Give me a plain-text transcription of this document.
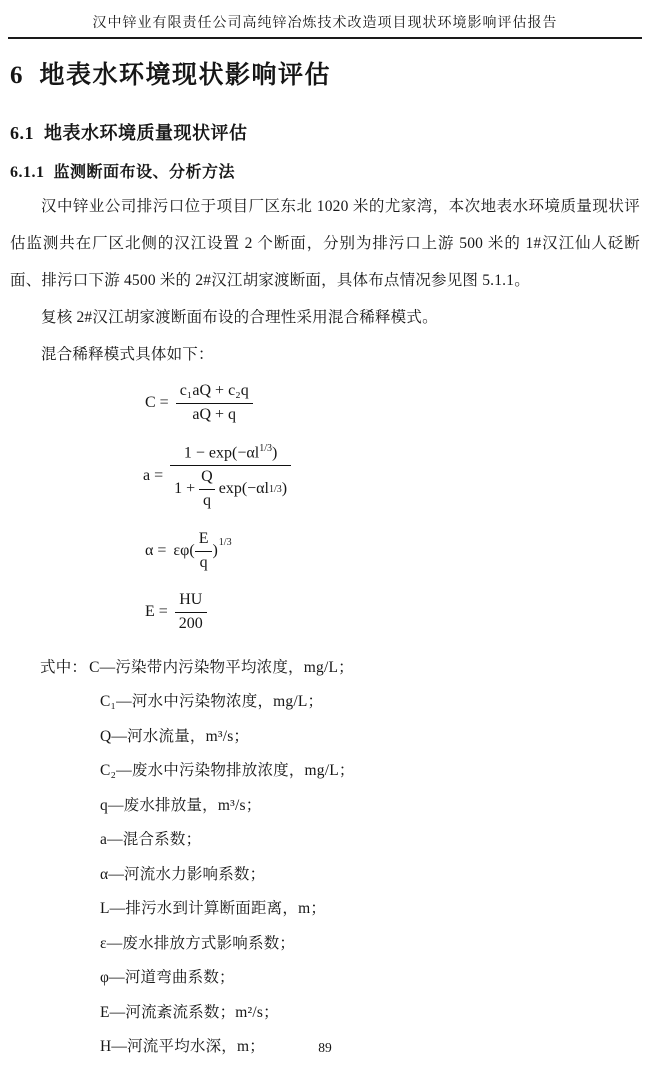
汉中锌业有限责任公司高纯锌冶炼技术改造项目现状环境影响评估报告
6  地表水环境现状影响评估
6.1  地表水环境质量现状评估
6.1.1  监测断面布设、分析方法
汉中锌业公司排污口位于项目厂区东北 1020 米的尤家湾，本次地表水环境质量现状评估监测共在厂区北侧的汉江设置 2 个断面，分别为排污口上游 500 米的 1#汉江仙人砭断面、排污口下游 4500 米的 2#汉江胡家渡断面，具体布点情况参见图 5.1.1。
复核 2#汉江胡家渡断面布设的合理性采用混合稀释模式。
混合稀释模式具体如下：
$C = \frac{\text{c₁aQ + c₂q}}{aQ + q}$
$a = \frac{1 - \exp(-\alpha l^{1/3})}{1 + \frac{Q}{q} \exp(-\alpha l1/3)}$
$\alpha = \varepsilon\varphi( \frac{E}{q}$ ) 1/3
$E = \frac{HU}{200}$
式中： C—污染带内污染物平均浓度，mg/L；
C₁—河水中污染物浓度，mg/L；
Q—河水流量，m³/s；
C₂—废水中污染物排放浓度，mg/L；
q—废水排放量，m³/s；
a—混合系数；
α—河流水力影响系数；
L—排污水到计算断面距离，m；
ε—废水排放方式影响系数；
φ—河道弯曲系数；
E—河流紊流系数；m²/s；
H—河流平均水深，m；	89
